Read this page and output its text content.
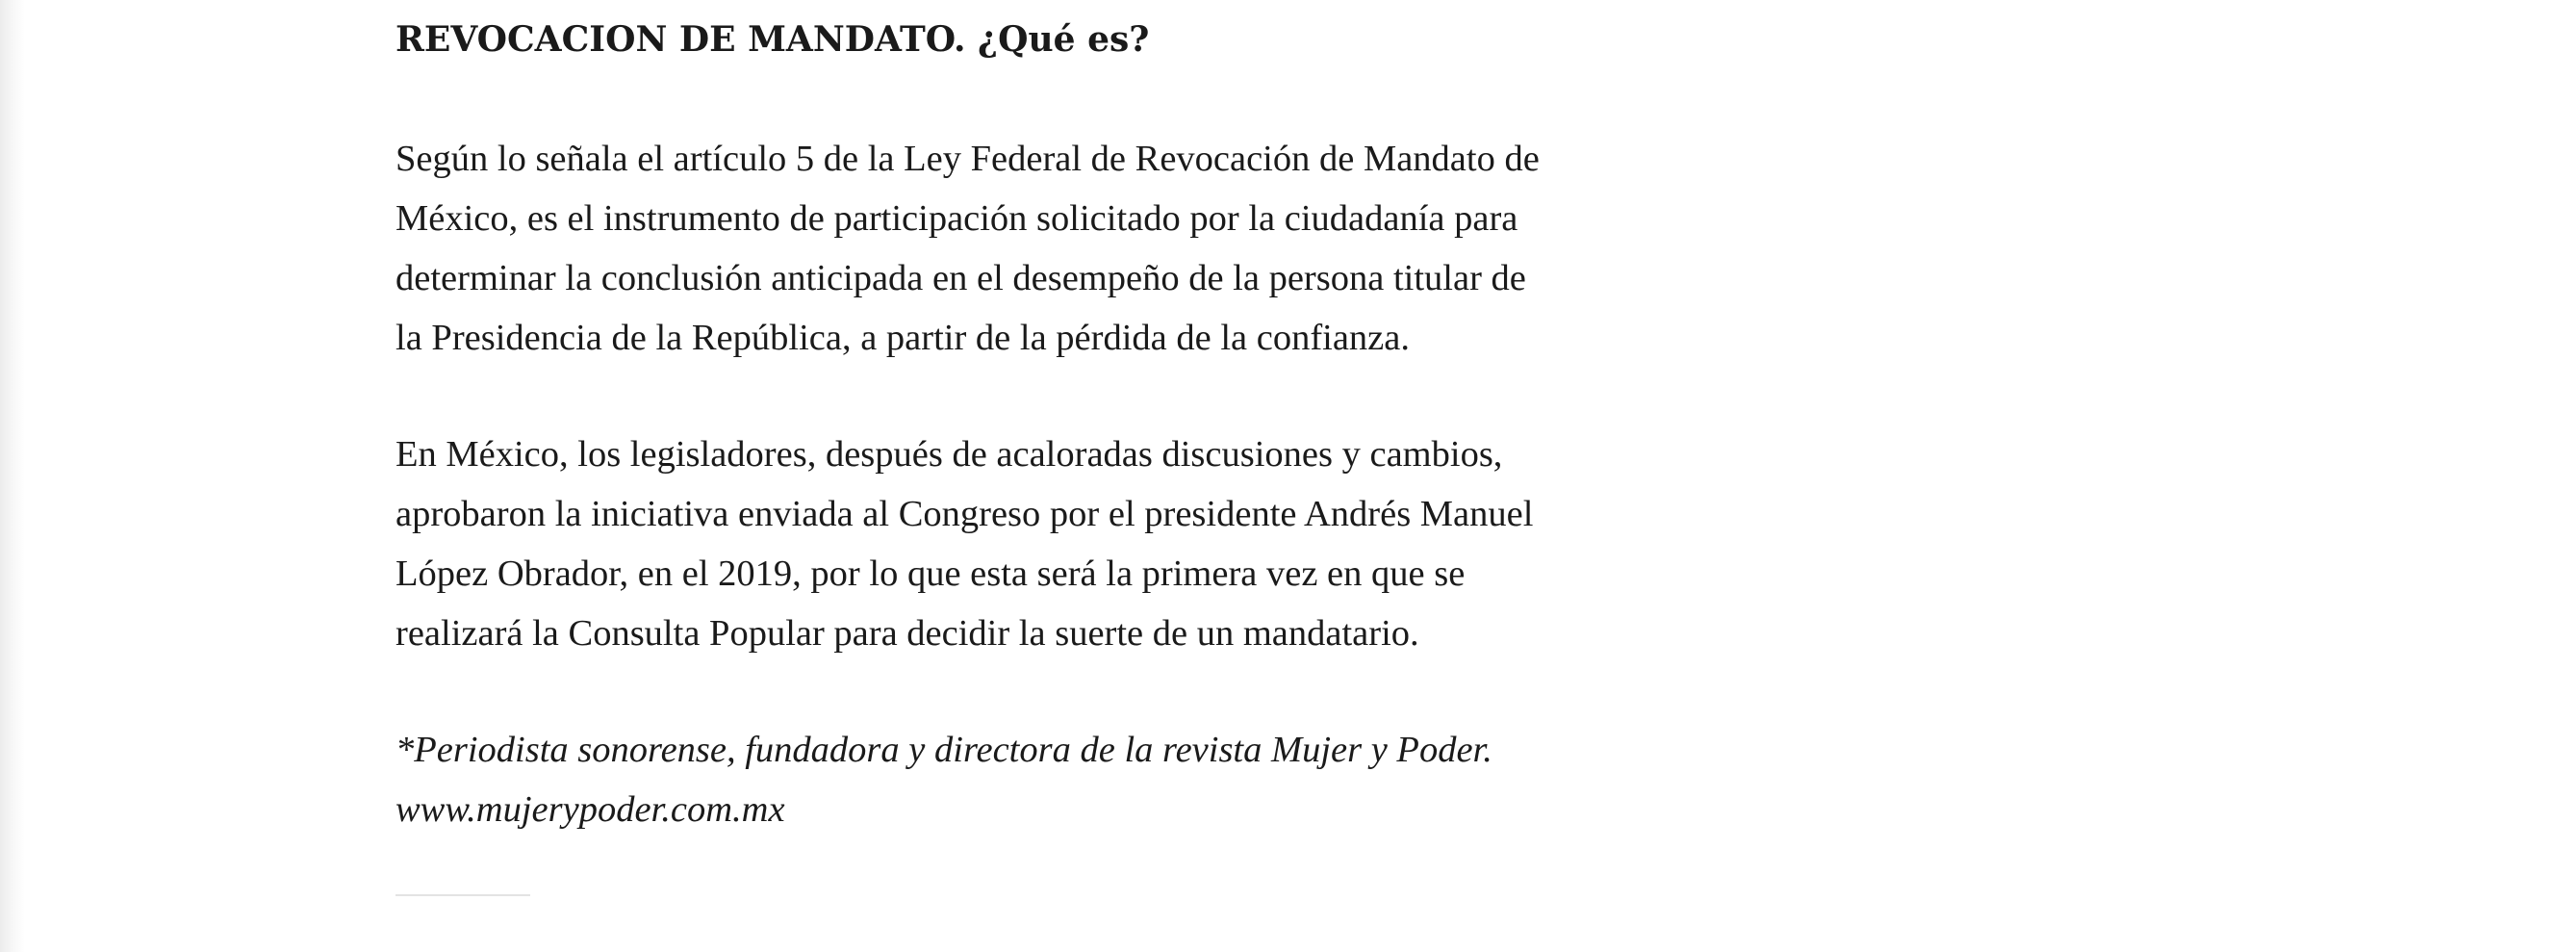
REVOCACION DE MANDATO. ¿Qué es?

Según lo señala el artículo 5 de la Ley Federal de Revocación de Mandato de
México, es el instrumento de participación solicitado por la ciudadanía para
determinar la conclusión anticipada en el desempeño de la persona titular de
la Presidencia de la República, a partir de la pérdida de la confianza.

En México, los legisladores, después de acaloradas discusiones y cambios,
aprobaron la iniciativa enviada al Congreso por el presidente Andrés Manuel
López Obrador, en el 2019, por lo que esta será la primera vez en que se
realizará la Consulta Popular para decidir la suerte de un mandatario.

*Periodista sonorense, fundadora y directora de la revista Mujer y Poder.
www.mujerypoder.com.mx
